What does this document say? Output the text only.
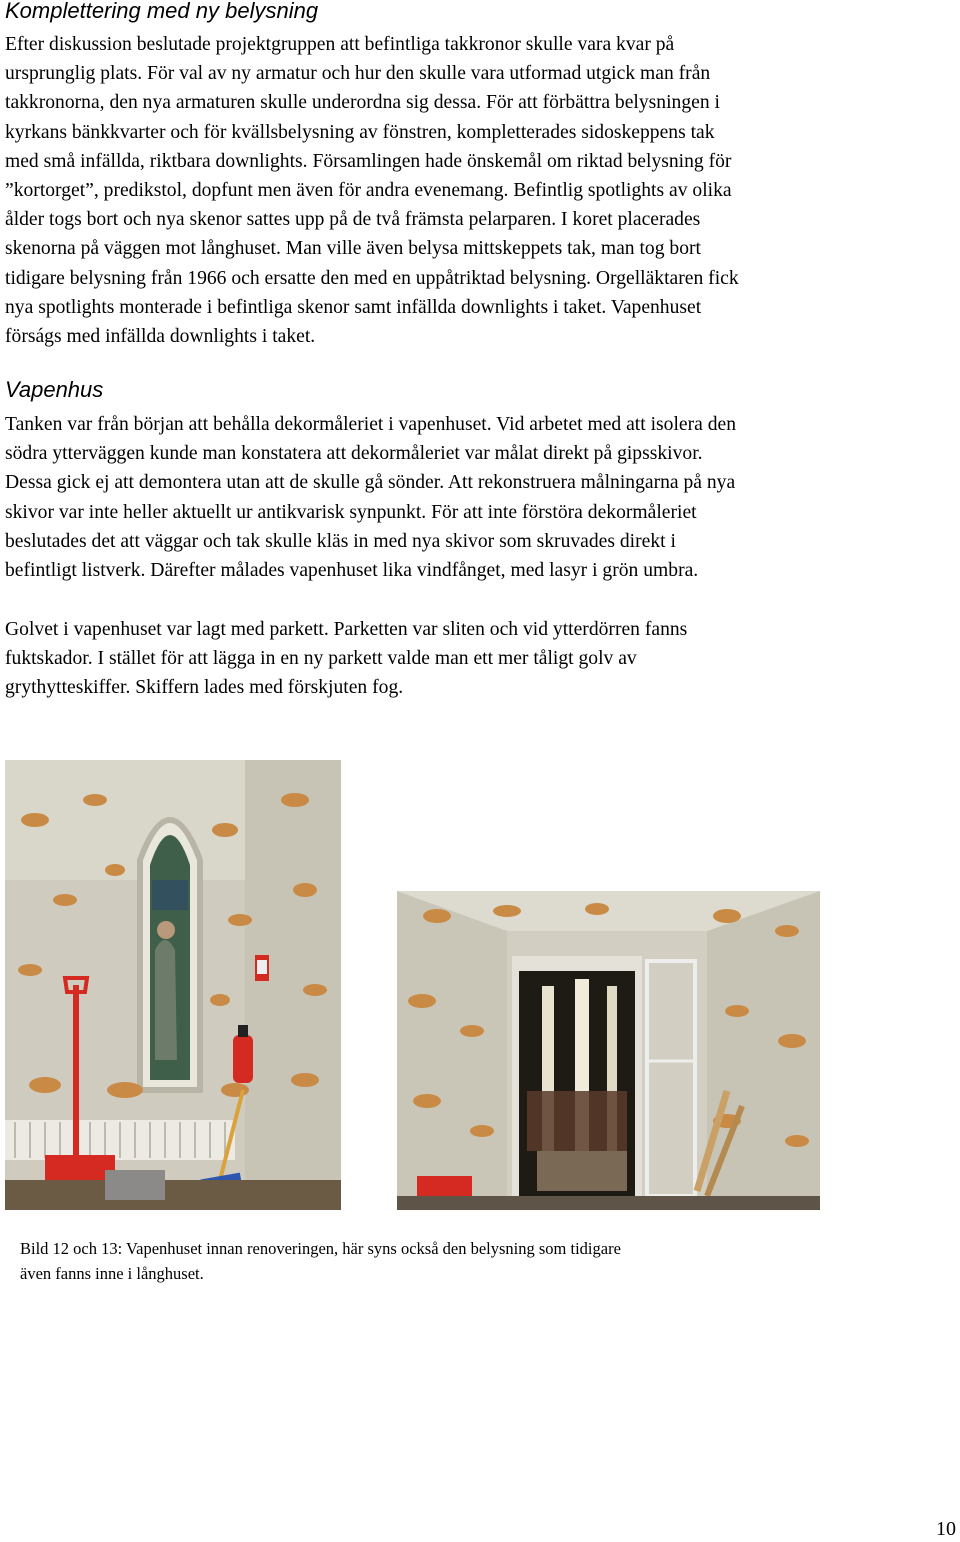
Komplettering med ny belysning
Efter diskussion beslutade projektgruppen att befintliga takkronor skulle vara kvar på
ursprunglig plats. För val av ny armatur och hur den skulle vara utformad utgick man från
takkronorna, den nya armaturen skulle underordna sig dessa. För att förbättra belysningen i
kyrkans bänkkvarter och för kvällsbelysning av fönstren, kompletterades sidoskeppens tak
med små infällda, riktbara downlights. Församlingen hade önskemål om riktad belysning för
”kortorget”, predikstol, dopfunt men även för andra evenemang. Befintlig spotlights av olika
ålder togs bort och nya skenor sattes upp på de två främsta pelarparen. I koret placerades
skenorna på väggen mot långhuset. Man ville även belysa mittskeppets tak, man tog bort
tidigare belysning från 1966 och ersatte den med en uppåtriktad belysning. Orgelläktaren fick
nya spotlights monterade i befintliga skenor samt infällda downlights i taket. Vapenhuset
förságs med infällda downlights i taket.
Vapenhus
Tanken var från början att behålla dekormåleriet i vapenhuset. Vid arbetet med att isolera den
södra ytterväggen kunde man konstatera att dekormåleriet var målat direkt på gipsskivor.
Dessa gick ej att demontera utan att de skulle gå sönder. Att rekonstruera målningarna på nya
skivor var inte heller aktuellt ur antikvarisk synpunkt. För att inte förstöra dekormåleriet
beslutades det att väggar och tak skulle kläs in med nya skivor som skruvades direkt i
befintligt listverk. Därefter målades vapenhuset lika vindfånget, med lasyr i grön umbra.
Golvet i vapenhuset var lagt med parkett. Parketten var sliten och vid ytterdörren fanns
fuktskador. I stället för att lägga in en ny parkett valde man ett mer tåligt golv av
grythytteskiffer. Skiffern lades med förskjuten fog.
Bild 12 och 13: Vapenhuset innan renoveringen, här syns också den belysning som tidigare
även fanns inne i långhuset.
10
